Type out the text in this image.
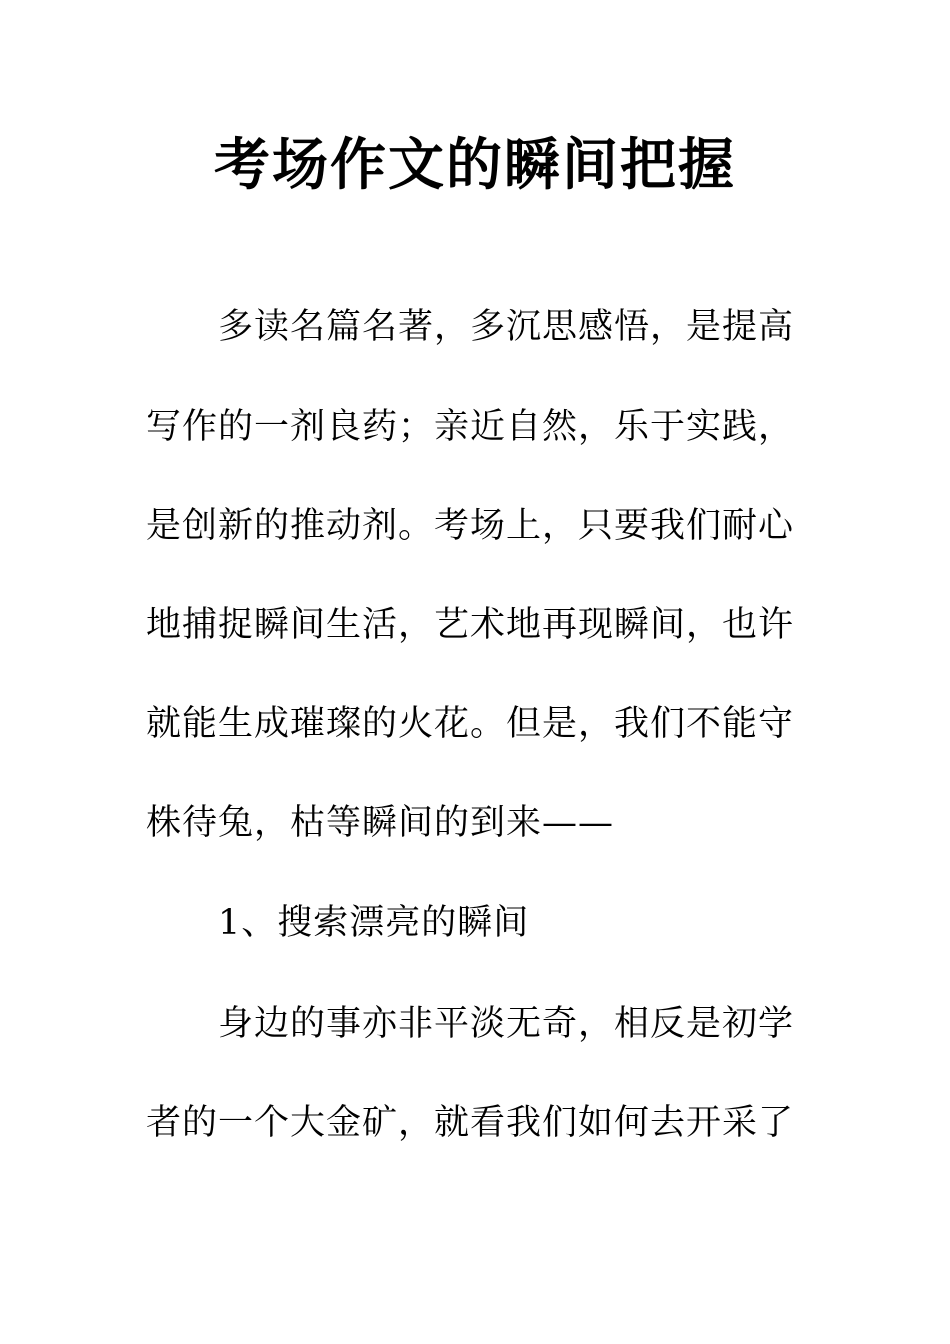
考场作文的瞬间把握

多读名篇名著，多沉思感悟，是提高

写作的一剂良药；亲近自然，乐于实践，

是创新的推动剂。考场上，只要我们耐心

地捕捉瞬间生活，艺术地再现瞬间，也许

就能生成璀璨的火花。但是，我们不能守

株待兔，枯等瞬间的到来——

1、搜索漂亮的瞬间

身边的事亦非平淡无奇，相反是初学

者的一个大金矿，就看我们如何去开采了
